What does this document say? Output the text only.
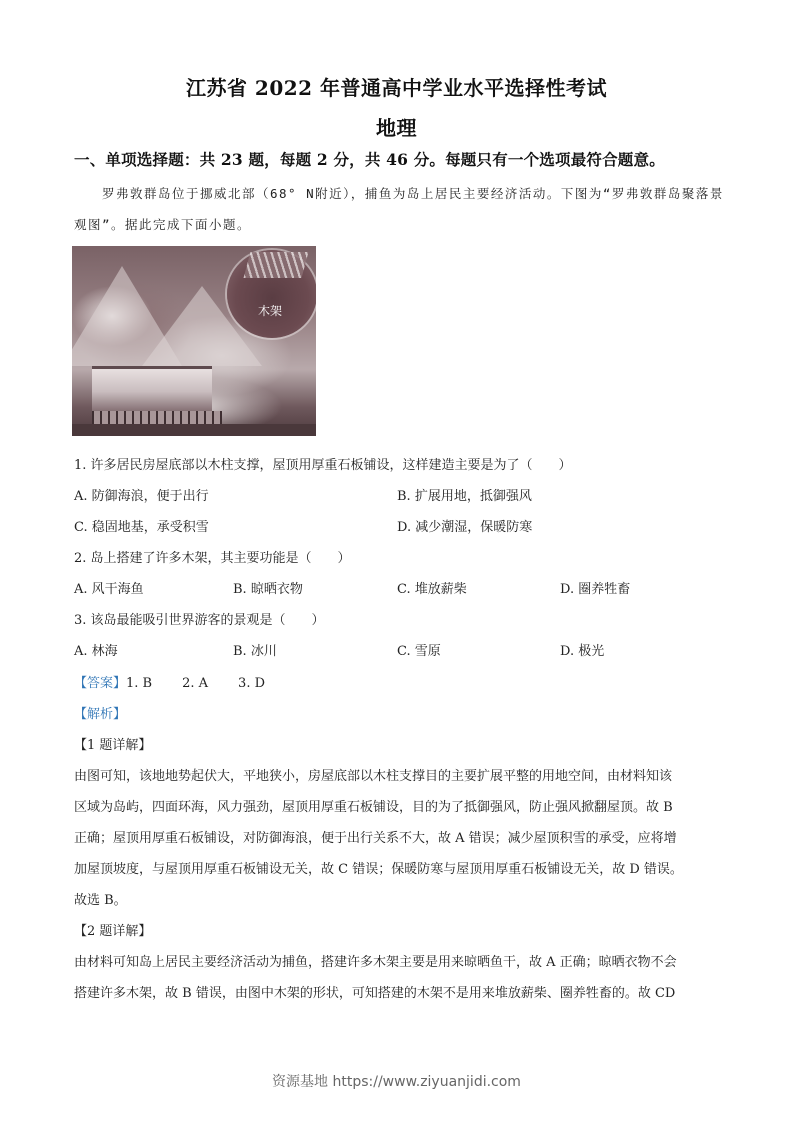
江苏省 2022 年普通高中学业水平选择性考试
地理
一、单项选择题：共 23 题，每题 2 分，共 46 分。每题只有一个选项最符合题意。
罗弗敦群岛位于挪威北部（68° N附近），捕鱼为岛上居民主要经济活动。下图为“罗弗敦群岛聚落景
观图”。据此完成下面小题。
木架
1. 许多居民房屋底部以木柱支撑，屋顶用厚重石板铺设，这样建造主要是为了（　　）
A. 防御海浪，便于出行	B. 扩展用地，抵御强风
C. 稳固地基，承受积雪	D. 减少潮湿，保暖防寒
2. 岛上搭建了许多木架，其主要功能是（　　）
A. 风干海鱼	B. 晾晒衣物	C. 堆放薪柴	D. 圈养牲畜
3. 该岛最能吸引世界游客的景观是（　　）
A. 林海	B. 冰川	C. 雪原	D. 极光
【答案】1. B 2. A 3. D
【解析】
【1 题详解】
由图可知，该地地势起伏大，平地狭小，房屋底部以木柱支撑目的主要扩展平整的用地空间，由材料知该
区域为岛屿，四面环海，风力强劲，屋顶用厚重石板铺设，目的为了抵御强风，防止强风掀翻屋顶。故 B
正确；屋顶用厚重石板铺设，对防御海浪，便于出行关系不大，故 A 错误；减少屋顶积雪的承受，应将增
加屋顶坡度，与屋顶用厚重石板铺设无关，故 C 错误；保暖防寒与屋顶用厚重石板铺设无关，故 D 错误。
故选 B。
【2 题详解】
由材料可知岛上居民主要经济活动为捕鱼，搭建许多木架主要是用来晾晒鱼干，故 A 正确；晾晒衣物不会
搭建许多木架，故 B 错误，由图中木架的形状，可知搭建的木架不是用来堆放薪柴、圈养牲畜的。故 CD
资源基地 https://www.ziyuanjidi.com
